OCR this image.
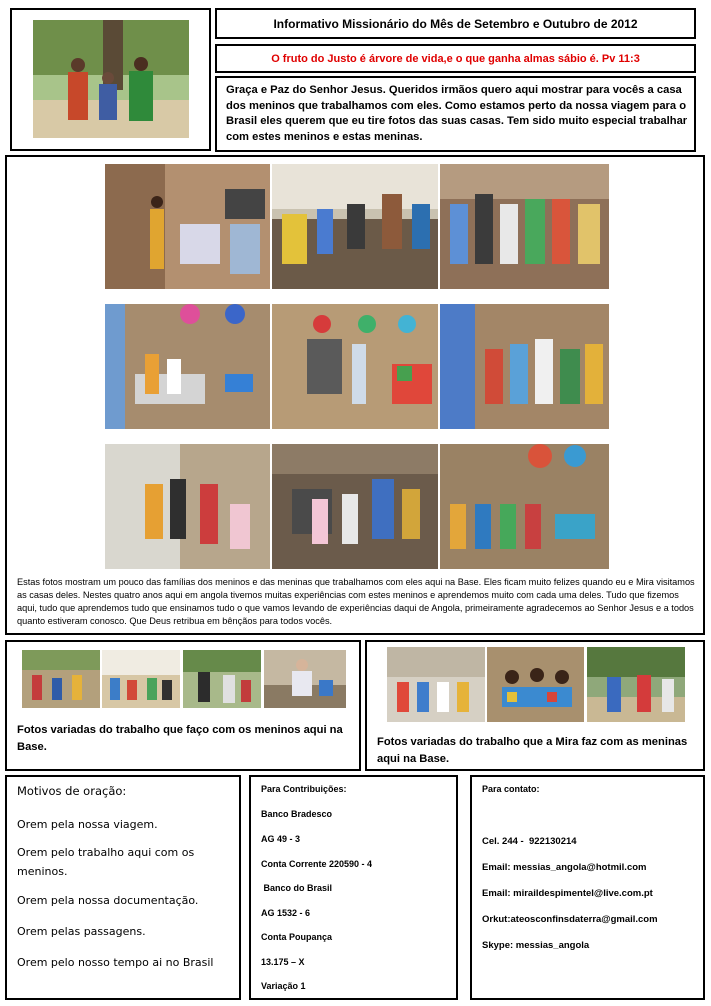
Informativo Missionário do Mês de Setembro e Outubro de 2012
O fruto do Justo é árvore de vida,e o que ganha almas sábio é. Pv 11:3
Graça e Paz do Senhor Jesus. Queridos irmãos quero aqui mostrar para vocês a casa dos meninos que trabalhamos com eles. Como estamos perto da nossa viagem para o Brasil eles querem que eu tire fotos das suas casas. Tem sido muito especial trabalhar com estes meninos e estas meninas.
Estas fotos mostram um pouco das famílias dos meninos e das meninas que trabalhamos com eles aqui na Base. Eles ficam muito felizes quando eu e Mira visitamos as casas deles. Nestes quatro anos aqui em angola tivemos muitas experiências com estes meninos e aprendemos muito com cada uma deles. Tudo que fizemos aqui, tudo que aprendemos tudo que ensinamos tudo o que vamos levando de experiências daqui de Angola, primeiramente agradecemos ao Senhor Jesus e a todos quanto estiveram conosco. Que Deus retribua em bênçãos para todos vocês.
Fotos variadas do trabalho que faço com os meninos aqui na Base.	Fotos variadas do trabalho que a Mira faz com as meninas aqui na Base.
Motivos de oração:
Orem pela nossa viagem.
Orem pelo trabalho aqui com os meninos.
Orem pela nossa documentação.
Orem pelas passagens.
Orem pelo nosso tempo ai no Brasil
Para Contribuições:
Banco Bradesco
AG 49 - 3
Conta Corrente 220590 - 4
Banco do Brasil
AG 1532 - 6
Conta Poupança
13.175 – X
Variação 1
Para contato:
Cel. 244 -  922130214
Email: messias_angola@hotmil.com
Email: miraildespimentel@live.com.pt
Orkut:ateosconfinsdaterra@gmail.com
Skype: messias_angola
